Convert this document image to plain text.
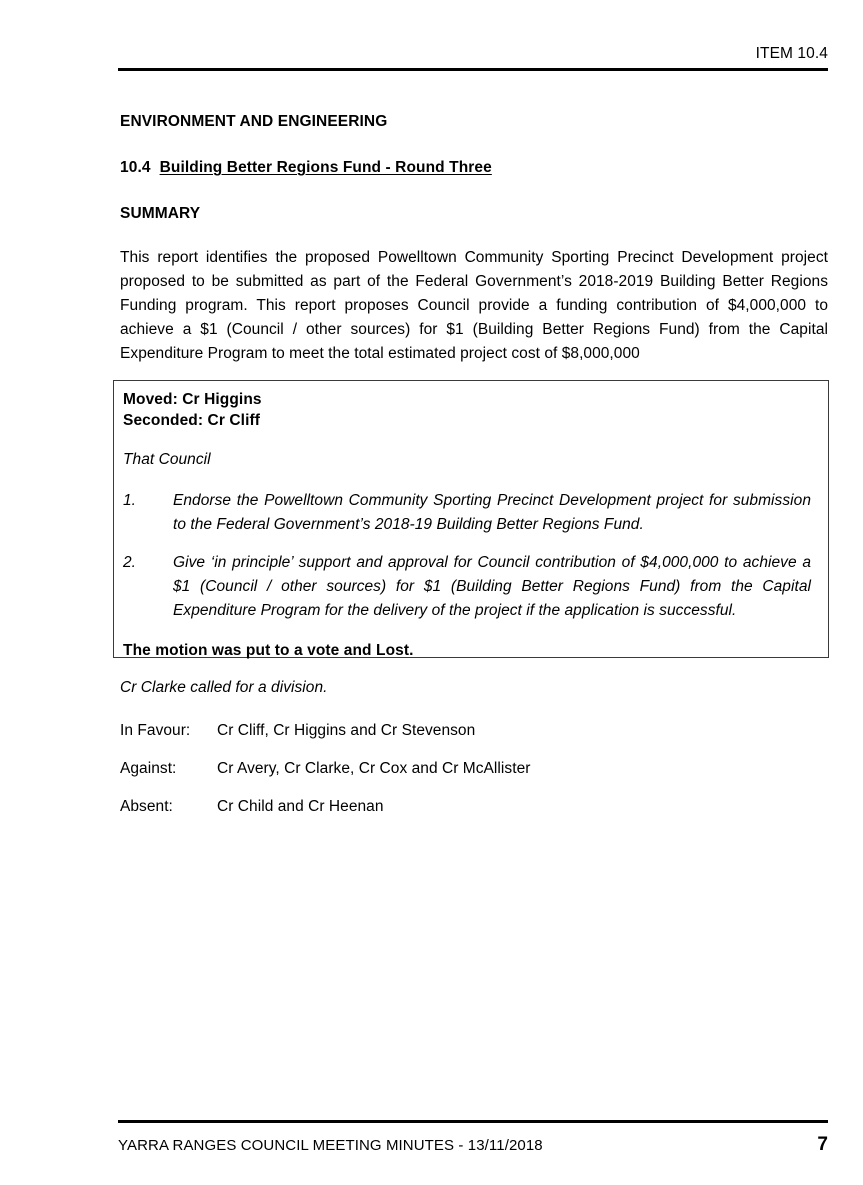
ITEM 10.4
ENVIRONMENT AND ENGINEERING
10.4 Building Better Regions Fund - Round Three
SUMMARY

This report identifies the proposed Powelltown Community Sporting Precinct Development project proposed to be submitted as part of the Federal Government’s 2018-2019 Building Better Regions Funding program. This report proposes Council provide a funding contribution of $4,000,000 to achieve a $1 (Council / other sources) for $1 (Building Better Regions Fund) from the Capital Expenditure Program to meet the total estimated project cost of $8,000,000

Moved: Cr Higgins
Seconded: Cr Cliff
That Council
1. Endorse the Powelltown Community Sporting Precinct Development project for submission to the Federal Government’s 2018-19 Building Better Regions Fund.
2. Give ‘in principle’ support and approval for Council contribution of $4,000,000 to achieve a $1 (Council / other sources) for $1 (Building Better Regions Fund) from the Capital Expenditure Program for the delivery of the project if the application is successful.
The motion was put to a vote and Lost.
Cr Clarke called for a division.
In Favour: Cr Cliff, Cr Higgins and Cr Stevenson
Against:	Cr Avery, Cr Clarke, Cr Cox and Cr McAllister
Absent:	Cr Child and Cr Heenan
YARRA RANGES COUNCIL MEETING MINUTES - 13/11/2018	7
